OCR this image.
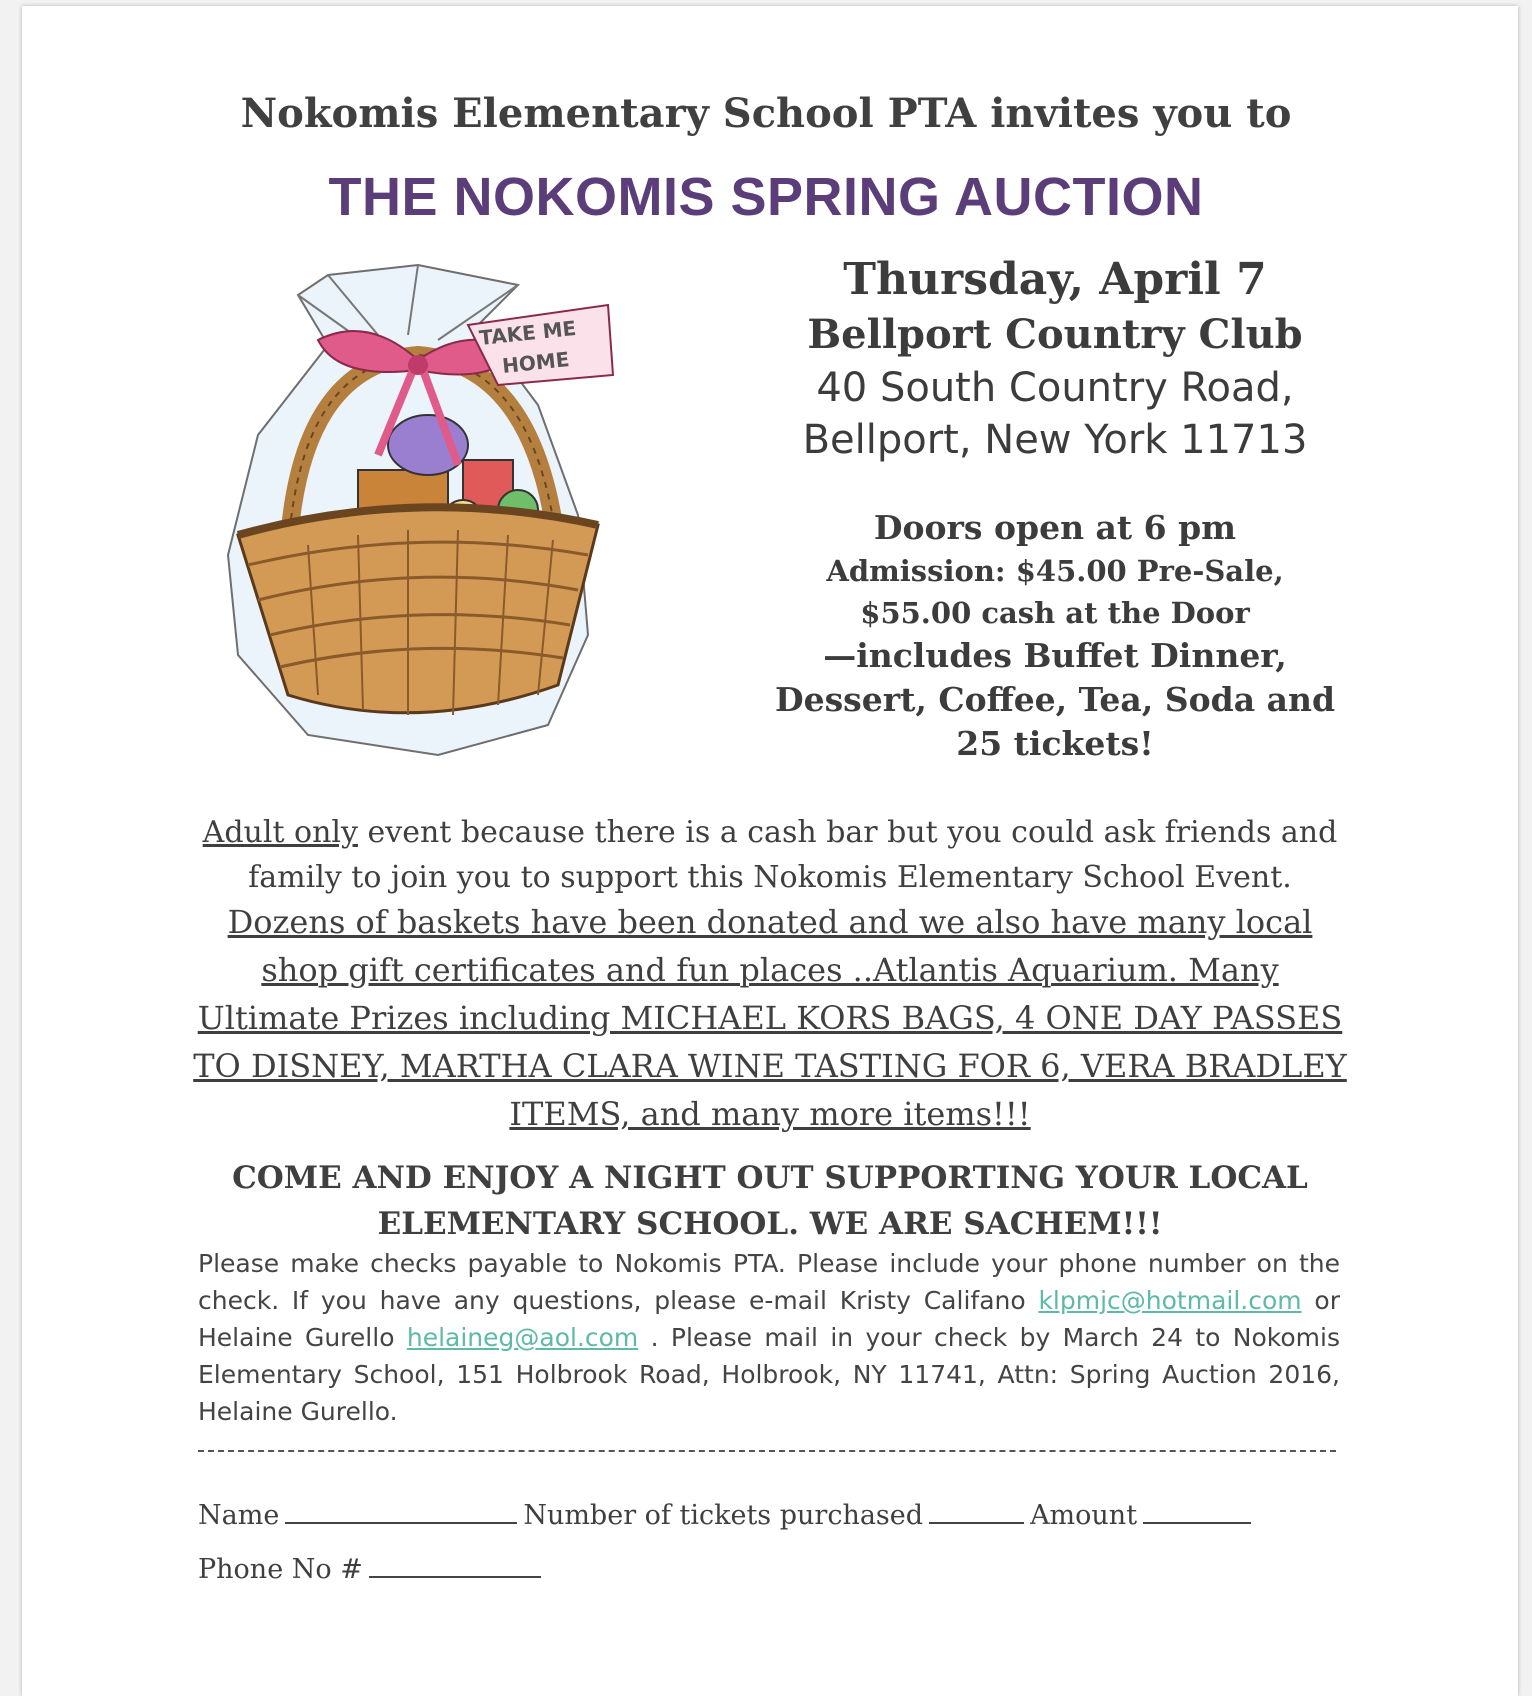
Nokomis Elementary School PTA invites you to
THE NOKOMIS SPRING AUCTION
TAKE ME
HOME
Thursday, April 7
Bellport Country Club
40 South Country Road,
Bellport, New York 11713
Doors open at 6 pm
Admission: $45.00 Pre-Sale,
$55.00 cash at the Door
—includes Buffet Dinner,
Dessert, Coffee, Tea, Soda and
25 tickets!
Adult only event because there is a cash bar but you could ask friends and family to join you to support this Nokomis Elementary School Event.
Dozens of baskets have been donated and we also have many local shop gift certificates and fun places ..Atlantis Aquarium. Many Ultimate Prizes including MICHAEL KORS BAGS, 4 ONE DAY PASSES TO DISNEY, MARTHA CLARA WINE TASTING FOR 6, VERA BRADLEY ITEMS, and many more items!!!
COME AND ENJOY A NIGHT OUT SUPPORTING YOUR LOCAL ELEMENTARY SCHOOL. WE ARE SACHEM!!!
Please make checks payable to Nokomis PTA. Please include your phone number on the check. If you have any questions, please e-mail Kristy Califano klpmjc@hotmail.com or Helaine Gurello helaineg@aol.com . Please mail in your check by March 24 to Nokomis Elementary School, 151 Holbrook Road, Holbrook, NY 11741, Attn: Spring Auction 2016, Helaine Gurello.
Name	Number of tickets purchased	Amount
Phone No #
